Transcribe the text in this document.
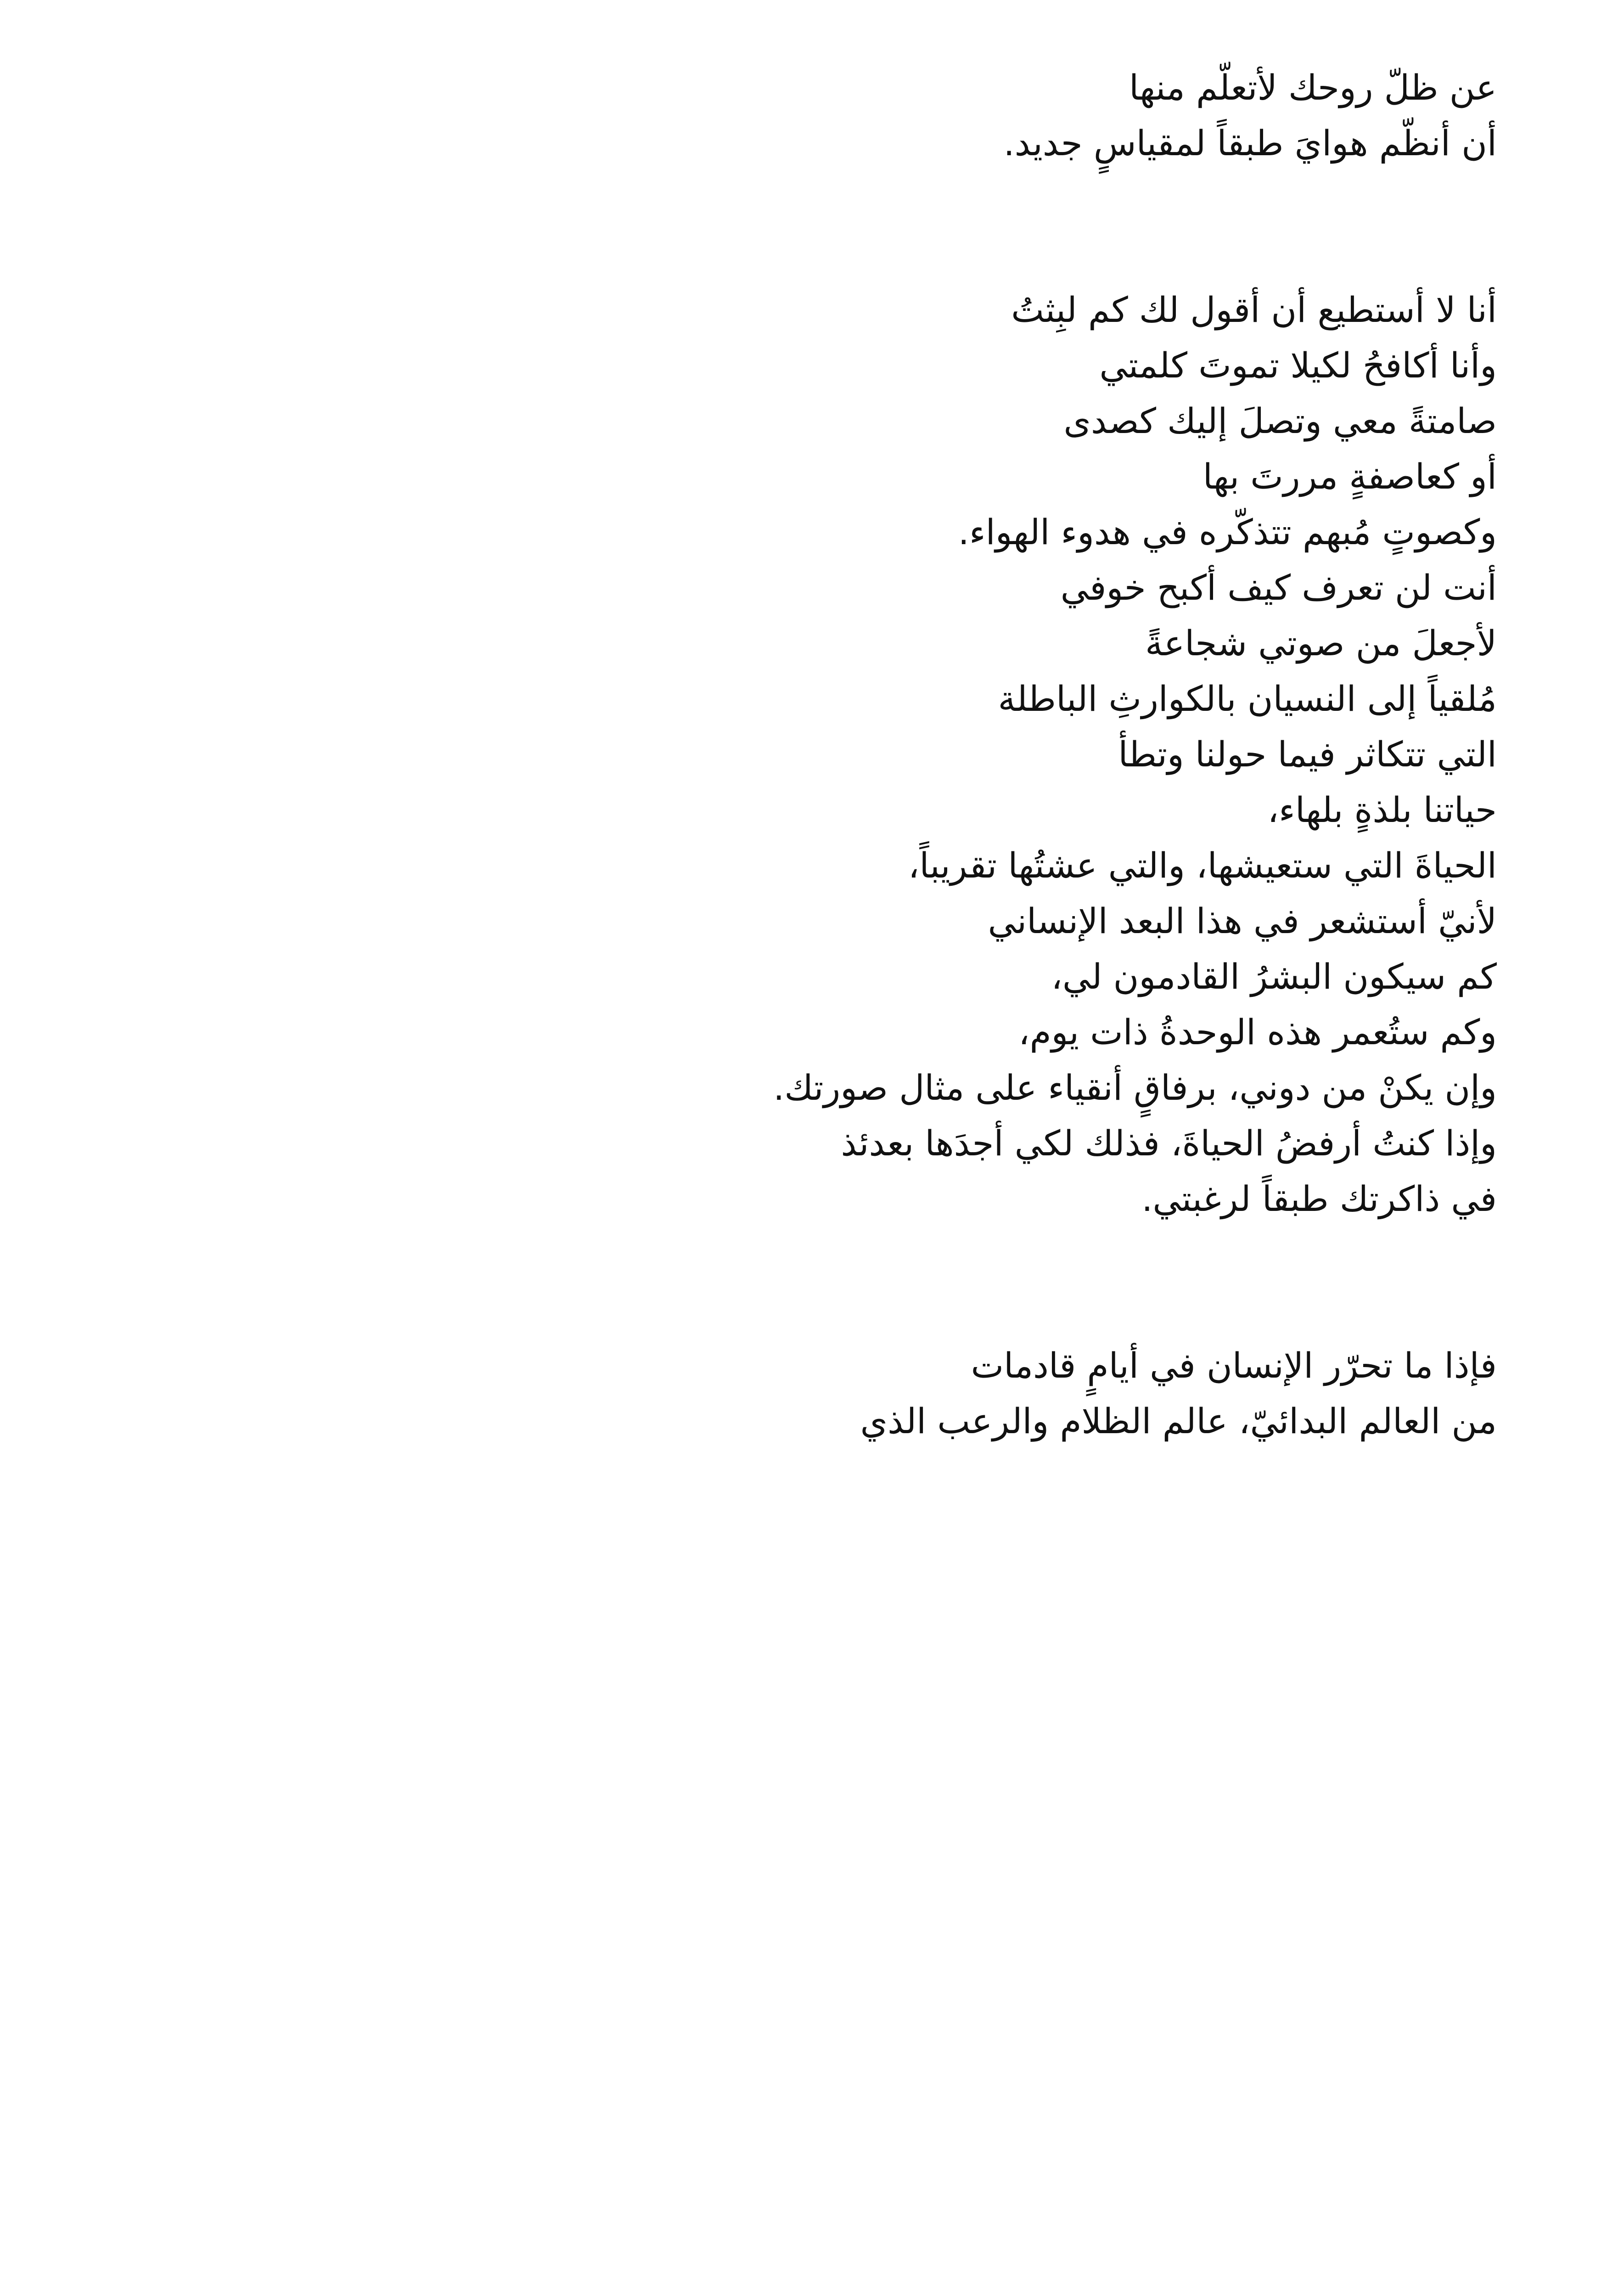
عن ظلّ روحك لأتعلّم منها
أن أنظّم هوايَ طبقاً لمقياسٍ جديد.
أنا لا أستطيع أن أقول لك كم لبِثتُ
وأنا أكافحُ لكيلا تموتَ كلمتي
صامتةً معي وتصلَ إليك كصدى
أو كعاصفةٍ مررتَ بها
وكصوتٍ مُبهم تتذكّره في هدوء الهواء.
أنت لن تعرف كيف أكبح خوفي
لأجعلَ من صوتي شجاعةً
مُلقياً إلى النسيان بالكوارثِ الباطلة
التي تتكاثر فيما حولنا وتطأ
حياتنا بلذةٍ بلهاء،
الحياةَ التي ستعيشها، والتي عشتُها تقريباً،
لأنيّ أستشعر في هذا البعد الإنساني
كم سيكون البشرُ القادمون لي،
وكم ستُعمر هذه الوحدةُ ذات يوم،
وإن يكنْ من دوني، برفاقٍ أنقياء على مثال صورتك.
وإذا كنتُ أرفضُ الحياةَ، فذلك لكي أجدَها بعدئذ
في ذاكرتك طبقاً لرغبتي.
فإذا ما تحرّر الإنسان في أيامٍ قادمات
من العالم البدائيّ، عالم الظلام والرعب الذي
